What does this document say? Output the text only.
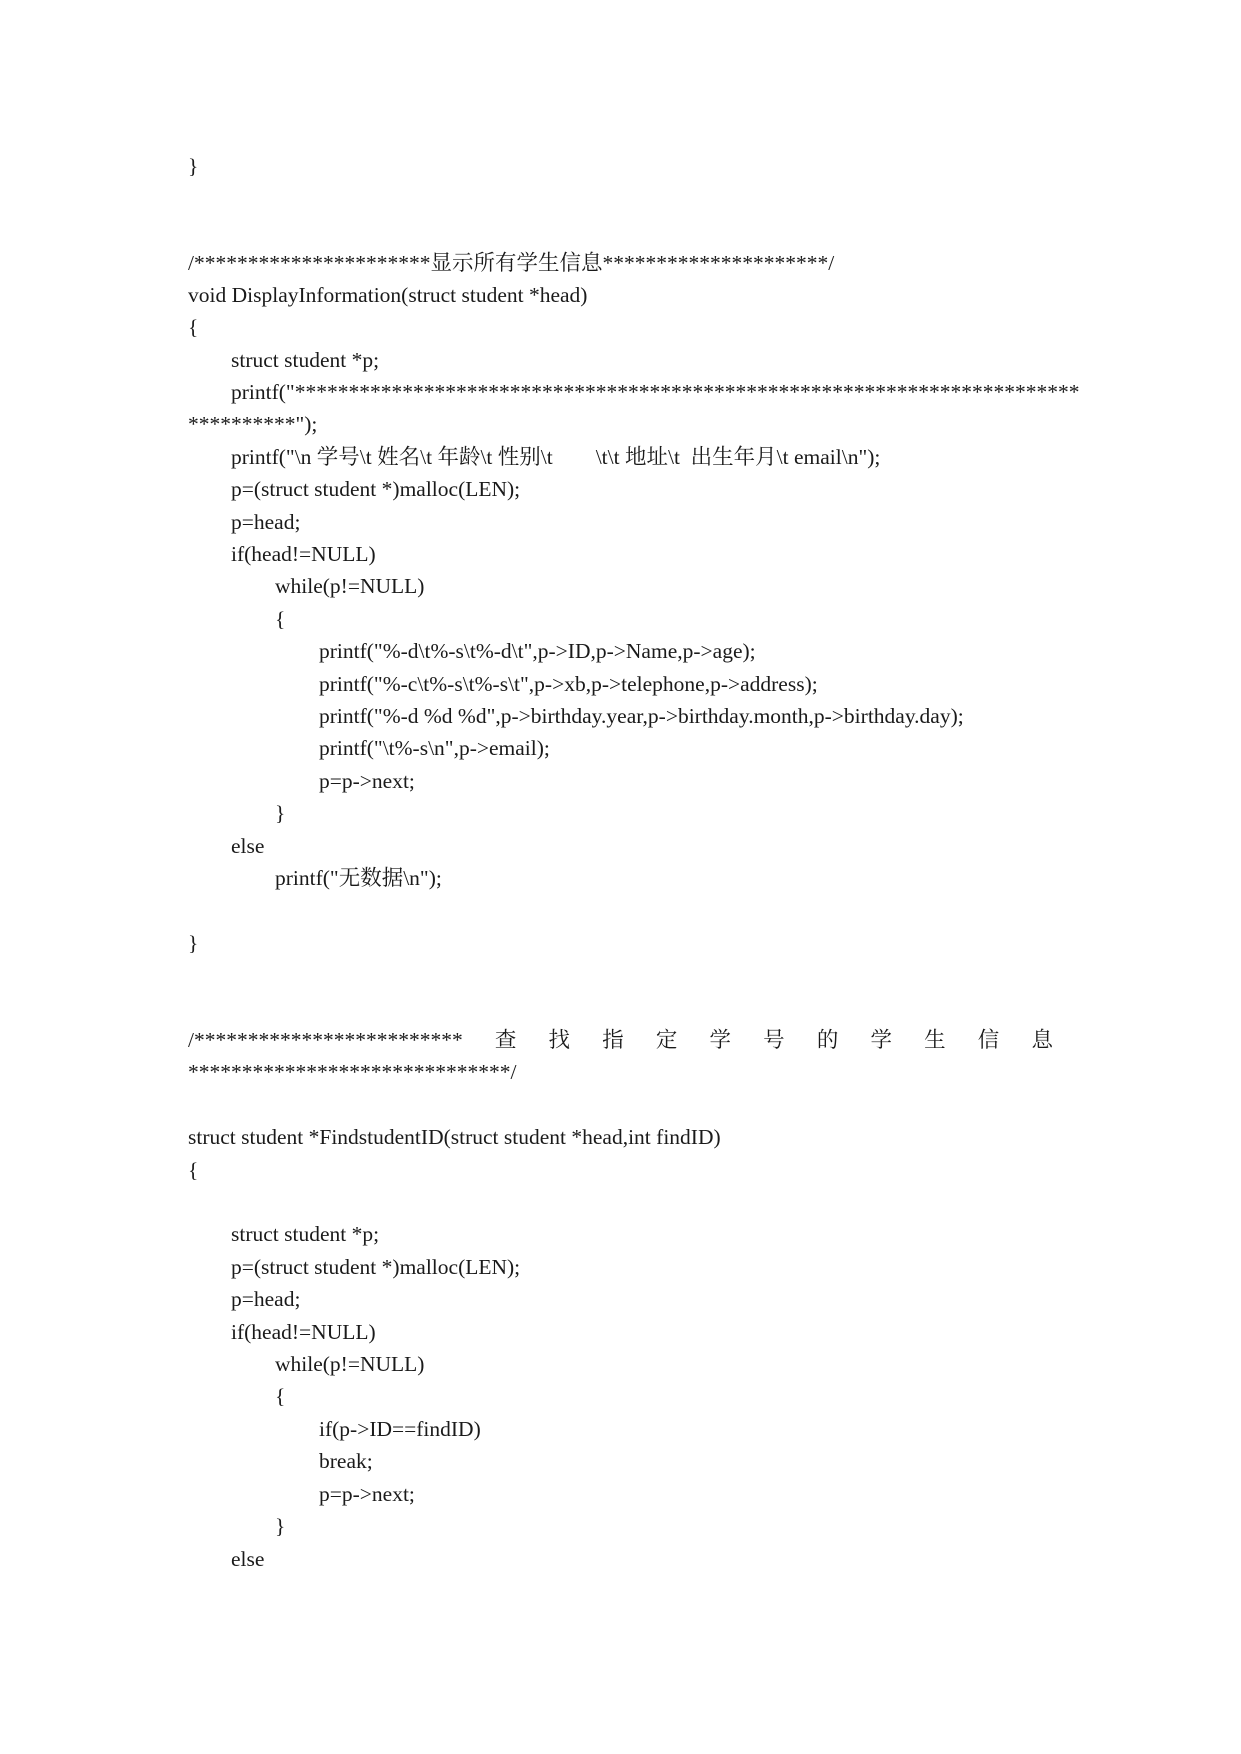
}
/**********************显示所有学生信息*********************/
void DisplayInformation(struct student *head)
{
struct student *p;
printf("*************************************************************************
**********");
printf("\n 学号\t 姓名\t 年龄\t 性别\t        \t\t 地址\t  出生年月\t email\n");
p=(struct student *)malloc(LEN);
p=head;
if(head!=NULL)
while(p!=NULL)
{
printf("%-d\t%-s\t%-d\t",p->ID,p->Name,p->age);
printf("%-c\t%-s\t%-s\t",p->xb,p->telephone,p->address);
printf("%-d %d %d",p->birthday.year,p->birthday.month,p->birthday.day);
printf("\t%-s\n",p->email);
p=p->next;
}
else
printf("无数据\n");
}
/************************* 查 找 指 定 学 号 的 学 生 信 息
******************************/
struct student *FindstudentID(struct student *head,int findID)
{
struct student *p;
p=(struct student *)malloc(LEN);
p=head;
if(head!=NULL)
while(p!=NULL)
{
if(p->ID==findID)
break;
p=p->next;
}
else
